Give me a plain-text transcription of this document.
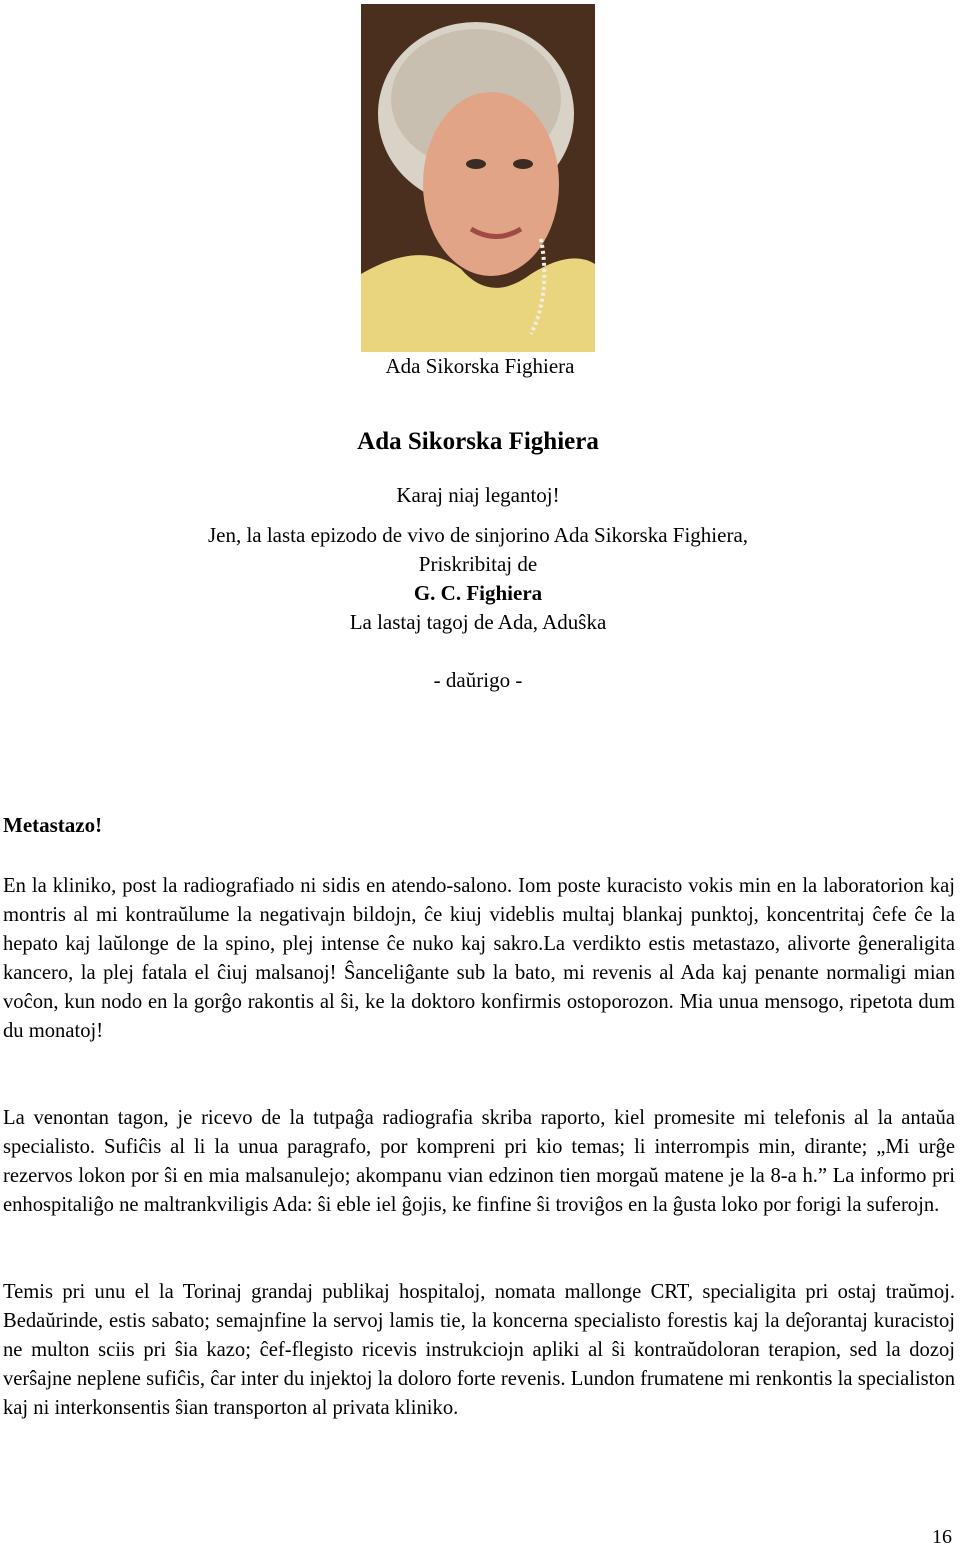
Ada Sikorska Fighiera
Ada Sikorska Fighiera
Karaj niaj legantoj!
Jen, la lasta epizodo de vivo de sinjorino Ada Sikorska Fighiera,
Priskribitaj de
G. C. Fighiera
La lastaj tagoj de Ada, Aduŝka
- daŭrigo -
Metastazo!

En la kliniko, post la radiografiado ni sidis en atendo-salono. Iom poste kuracisto vokis min en la laboratorion kaj montris al mi kontraŭlume la negativajn bildojn, ĉe kiuj videblis multaj blankaj punktoj, koncentritaj ĉefe ĉe la hepato kaj laŭlonge de la spino, plej intense ĉe nuko kaj sakro.La verdikto estis metastazo, alivorte ĝeneraligita kancero, la plej fatala el ĉiuj malsanoj! Ŝanceliĝante sub la bato, mi revenis al Ada kaj penante normaligi mian voĉon, kun nodo en la gorĝo rakontis al ŝi, ke la doktoro konfirmis ostoporozon. Mia unua mensogo, ripetota dum du monatoj!

La venontan tagon, je ricevo de la tutpaĝa radiografia skriba raporto, kiel promesite mi telefonis al la antaŭa specialisto. Sufiĉis al li la unua paragrafo, por kompreni pri kio temas; li interrompis min, dirante; „Mi urĝe rezervos lokon por ŝi en mia malsanulejo; akompanu vian edzinon tien morgaŭ matene je la 8-a h.” La informo pri enhospitaliĝo ne maltrankviligis Ada: ŝi eble iel ĝojis, ke finfine ŝi troviĝos en la ĝusta loko por forigi la suferojn.

Temis pri unu el la Torinaj grandaj publikaj hospitaloj, nomata mallonge CRT, specialigita pri ostaj traŭmoj. Bedaŭrinde, estis sabato; semajnfine la servoj lamis tie, la koncerna specialisto forestis kaj la deĵorantaj kuracistoj ne multon sciis pri ŝia kazo; ĉef-flegisto ricevis instrukciojn apliki al ŝi kontraŭdoloran terapion, sed la dozoj verŝajne neplene sufiĉis, ĉar inter du injektoj la doloro forte revenis. Lundon frumatene mi renkontis la specialiston kaj ni interkonsentis ŝian transporton al privata kliniko.

16
